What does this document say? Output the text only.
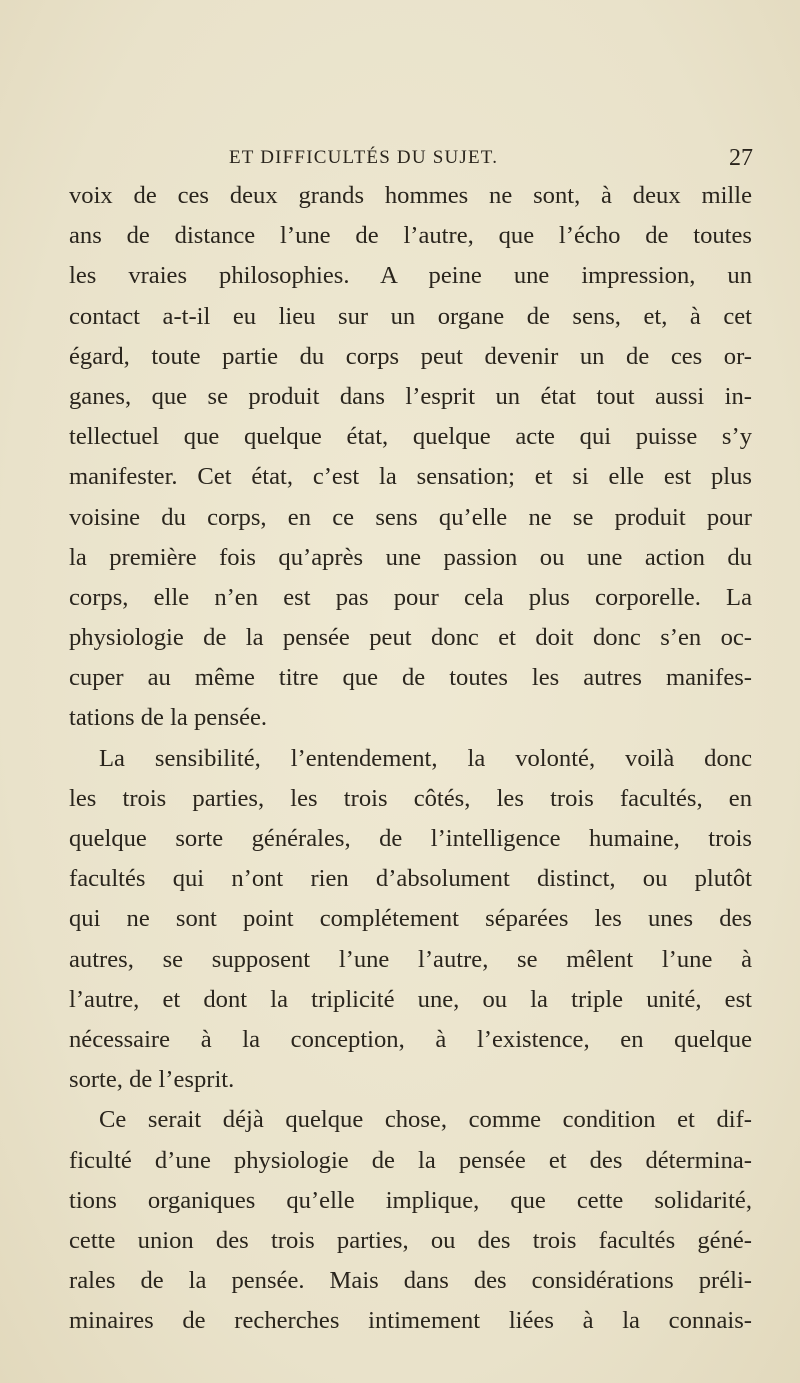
ET DIFFICULTÉS DU SUJET.	27
voix de ces deux grands hommes ne sont, à deux mille
ans de distance l’une de l’autre, que l’écho de toutes
les vraies philosophies. A peine une impression, un
contact a-t-il eu lieu sur un organe de sens, et, à cet
égard, toute partie du corps peut devenir un de ces or-
ganes, que se produit dans l’esprit un état tout aussi in-
tellectuel que quelque état, quelque acte qui puisse s’y
manifester. Cet état, c’est la sensation; et si elle est plus
voisine du corps, en ce sens qu’elle ne se produit pour
la première fois qu’après une passion ou une action du
corps, elle n’en est pas pour cela plus corporelle. La
physiologie de la pensée peut donc et doit donc s’en oc-
cuper au même titre que de toutes les autres manifes-
tations de la pensée.
La sensibilité, l’entendement, la volonté, voilà donc
les trois parties, les trois côtés, les trois facultés, en
quelque sorte générales, de l’intelligence humaine, trois
facultés qui n’ont rien d’absolument distinct, ou plutôt
qui ne sont point complétement séparées les unes des
autres, se supposent l’une l’autre, se mêlent l’une à
l’autre, et dont la triplicité une, ou la triple unité, est
nécessaire à la conception, à l’existence, en quelque
sorte, de l’esprit.
Ce serait déjà quelque chose, comme condition et dif-
ficulté d’une physiologie de la pensée et des détermina-
tions organiques qu’elle implique, que cette solidarité,
cette union des trois parties, ou des trois facultés géné-
rales de la pensée. Mais dans des considérations préli-
minaires de recherches intimement liées à la connais-
